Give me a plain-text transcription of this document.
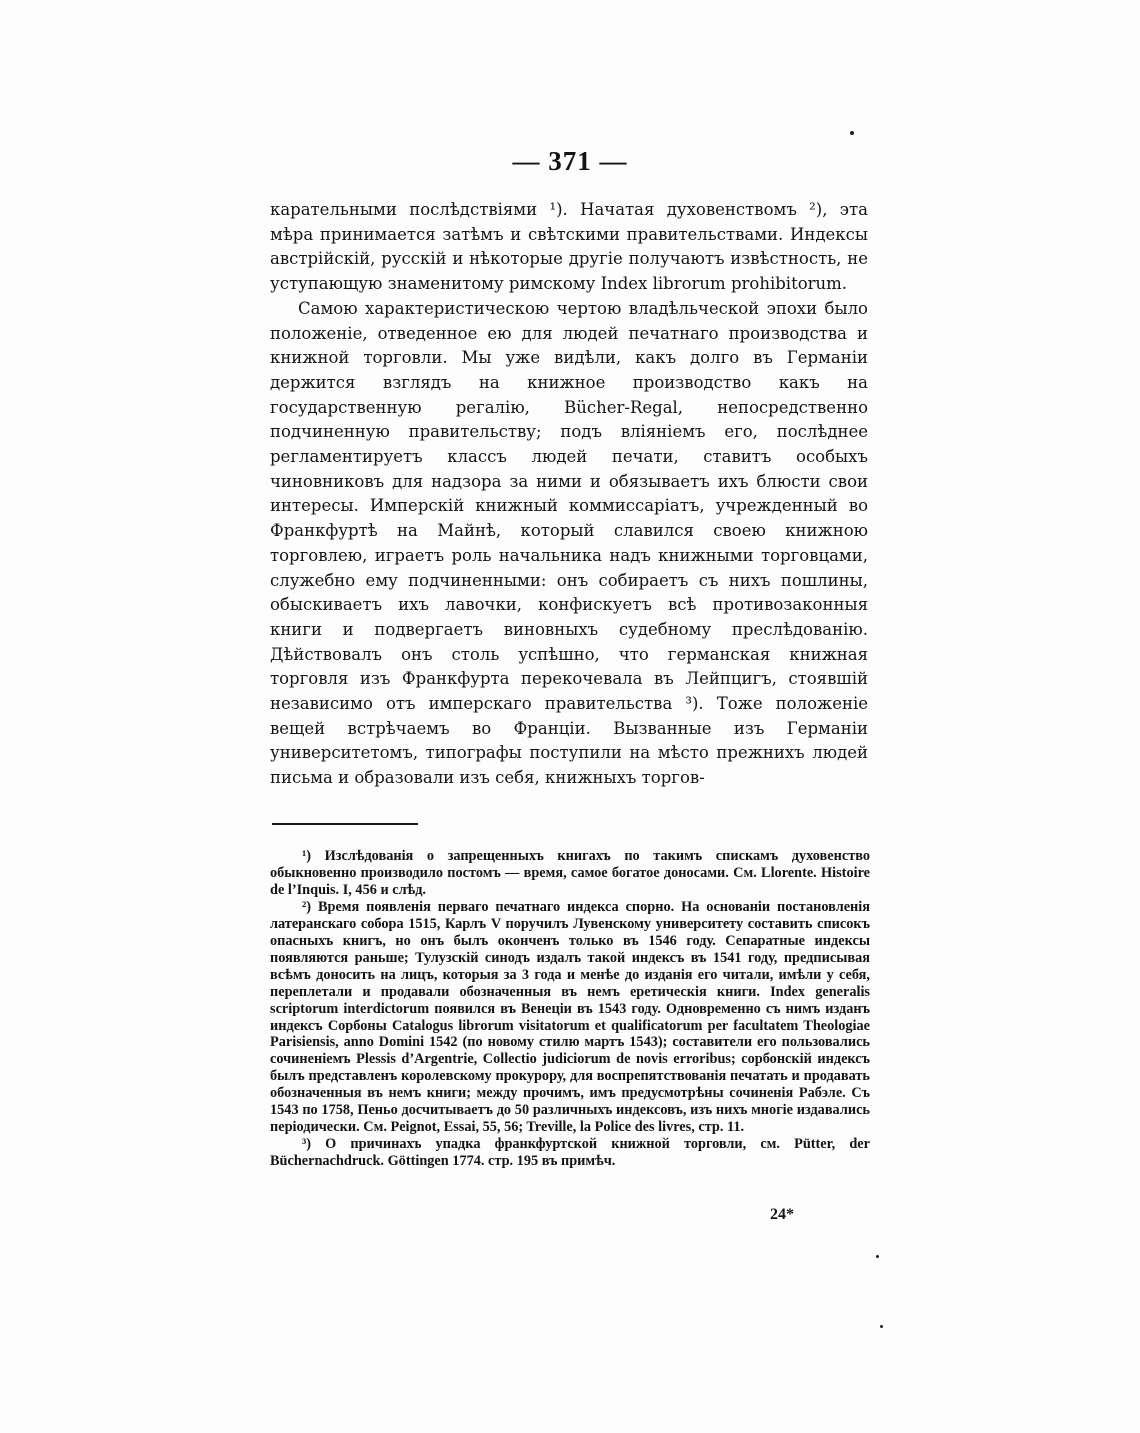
— 371 —

карательными послѣдствіями ¹). Начатая духовенствомъ ²), эта мѣра принимается затѣмъ и свѣтскими правительствами. Индексы австрійскій, русскій и нѣкоторые другіе получаютъ извѣстность, не уступающую знаменитому римскому Index librorum prohibitorum.

Самою характеристическою чертою владѣльческой эпохи было положеніе, отведенное ею для людей печатнаго производства и книжной торговли. Мы уже видѣли, какъ долго въ Германіи держится взглядъ на книжное производство какъ на государственную регалію, Bücher-Regal, непосредственно подчиненную правительству; подъ вліяніемъ его, послѣднее регламентируетъ классъ людей печати, ставитъ особыхъ чиновниковъ для надзора за ними и обязываетъ ихъ блюсти свои интересы. Имперскій книжный коммиссаріатъ, учрежденный во Франкфуртѣ на Майнѣ, который славился своею книжною торговлею, играетъ роль начальника надъ книжными торговцами, служебно ему подчиненными: онъ собираетъ съ нихъ пошлины, обыскиваетъ ихъ лавочки, конфискуетъ всѣ противозаконныя книги и подвергаетъ виновныхъ судебному преслѣдованію. Дѣйствовалъ онъ столь успѣшно, что германская книжная торговля изъ Франкфурта перекочевала въ Лейпцигъ, стоявшій независимо отъ имперскаго правительства ³). Тоже положеніе вещей встрѣчаемъ во Франціи. Вызванные изъ Германіи университетомъ, типографы поступили на мѣсто прежнихъ людей письма и образовали изъ себя, книжныхъ торгов-

¹) Изслѣдованія о запрещенныхъ книгахъ по такимъ спискамъ духовенство обыкновенно производило постомъ — время, самое богатое доносами. См. Llorente. Histoire de l’Inquis. I, 456 и слѣд.

²) Время появленія перваго печатнаго индекса спорно. На основаніи постановленія латеранскаго собора 1515, Карлъ V поручилъ Лувенскому университету составить списокъ опасныхъ книгъ, но онъ былъ оконченъ только въ 1546 году. Сепаратные индексы появляются раньше; Тулузскій синодъ издалъ такой индексъ въ 1541 году, предписывая всѣмъ доносить на лицъ, которыя за 3 года и менѣе до изданія его читали, имѣли у себя, переплетали и продавали обозначенныя въ немъ еретическія книги. Index generalis scriptorum interdictorum появился въ Венеціи въ 1543 году. Одновременно съ нимъ изданъ индексъ Сорбоны Catalogus librorum visitatorum et qualificatorum per facultatem Theologiae Parisiensis, anno Domini 1542 (по новому стилю мартъ 1543); составители его пользовались сочиненіемъ Plessis d’Argentrie, Collectio judiciorum de novis erroribus; сорбонскій индексъ былъ представленъ королевскому прокурору, для воспрепятствованія печатать и продавать обозначенныя въ немъ книги; между прочимъ, имъ предусмотрѣны сочиненія Рабэле. Съ 1543 по 1758, Пеньо досчитываетъ до 50 различныхъ индексовъ, изъ нихъ многіе издавались періодически. См. Peignot, Essai, 55, 56; Treville, la Police des livres, стр. 11.

³) О причинахъ упадка франкфуртской книжной торговли, см. Pütter, der Büchernachdruck. Göttingen 1774. стр. 195 въ примѣч.

24*
